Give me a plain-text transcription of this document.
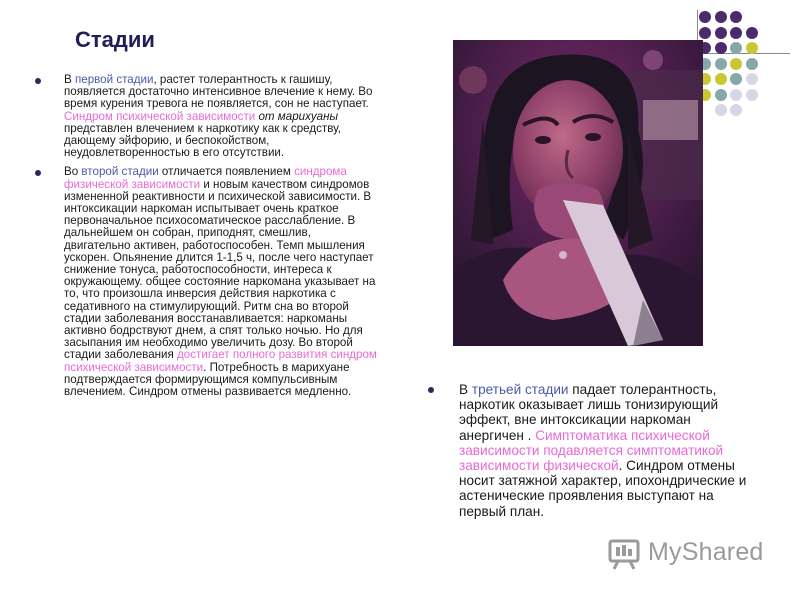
Стадии
В первой стадии, растет толерантность к гашишу, появляется достаточно интенсивное влечение к нему. Во время курения тревога не появляется, сон не наступает. Синдром психической зависимости от марихуаны представлен влечением к наркотику как к средству, дающему эйфорию, и беспокойством, неудовлетворенностью в его отсутствии.
Во второй стадии отличается появлением синдрома физической зависимости и новым качеством синдромов измененной реактивности и психической зависимости. В интоксикации наркоман испытывает очень краткое первоначальное психосоматическое расслабление. В дальнейшем он собран, приподнят, смешлив, двигательно активен, работоспособен. Темп мышления ускорен. Опьянение длится 1-1,5 ч, после чего наступает снижение тонуса, работоспособности, интереса к окружающему. общее состояние наркомана указывает на то, что произошла инверсия действия наркотика с седативного на стимулирующий. Ритм сна во второй стадии заболевания восстанавливается: наркоманы активно бодрствуют днем, а спят только ночью. Но для засыпания им необходимо увеличить дозу. Во второй стадии заболевания достигает полного развития синдром психической зависимости. Потребность в марихуане подтверждается формирующимся компульсивным влечением. Синдром отмены развивается медленно.	В третьей стадии падает толерантность, наркотик оказывает лишь тонизирующий эффект, вне интоксикации наркоман анергичен . Симптоматика психической зависимости подавляется симптоматикой зависимости физической. Синдром отмены носит затяжной характер, ипохондрические и астенические проявления выступают на первый план.
MyShared
